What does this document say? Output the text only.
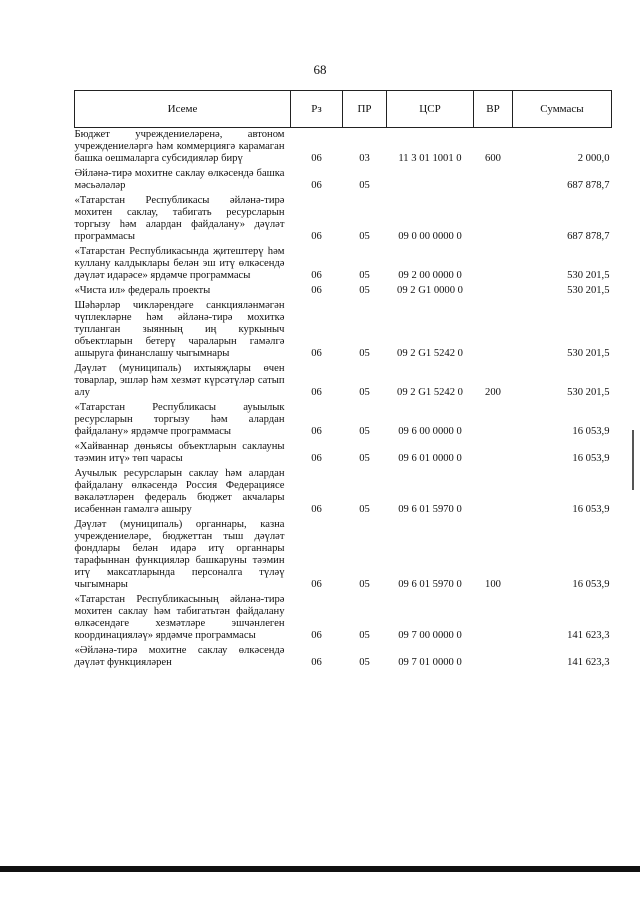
68
Исеме	Рз	ПР	ЦСР	ВР	Суммасы
Бюджет учреждениеләренә, автоном учреждениеләргә һәм коммерциягә карамаган башка оешмаларга субсидияләр бирү	06	03	11 3 01 1001 0	600	2 000,0
Әйләнә-тирә мохитне саклау өлкәсендә башка мәсьәләләр	06	05			687 878,7
«Татарстан Республикасы әйләнә-тирә мохитен саклау, табигать ресурсларын торгызу һәм алардан файдалану» дәүләт программасы	06	05	09 0 00 0000 0		687 878,7
«Татарстан Республикасында җитештерү һәм куллану калдыклары белән эш итү өлкәсендә дәүләт идарәсе» ярдәмче программасы	06	05	09 2 00 0000 0		530 201,5
«Чиста ил» федераль проекты	06	05	09 2 G1 0000 0		530 201,5
Шәһәрләр чикләрендәге санкцияләнмәгән чүплекләрне һәм әйләнә-тирә мохиткә тупланган зыянның иң куркыныч объектларын бетерү чараларын гамәлгә ашыруга финанслашу чыгымнары	06	05	09 2 G1 5242 0		530 201,5
Дәүләт (муниципаль) ихтыяҗлары өчен товарлар, эшләр һәм хезмәт күрсәтүләр сатып алу	06	05	09 2 G1 5242 0	200	530 201,5
«Татарстан Республикасы ауыылык ресурсларын торгызу һәм алардан файдалану» ярдәмче программасы	06	05	09 6 00 0000 0		16 053,9
«Хайваннар дөньясы объектларын саклауны тәэмин итү» төп чарасы	06	05	09 6 01 0000 0		16 053,9
Аучылык ресурсларын саклау һәм алардан файдалану өлкәсендә Россия Федерациясе вәкаләтләрен федераль бюджет акчалары исәбеннән гамәлгә ашыру	06	05	09 6 01 5970 0		16 053,9
Дәүләт (муниципаль) органнары, казна учреждениеләре, бюджеттан тыш дәүләт фондлары белән идарә итү органнары тарафыннан функцияләр башкаруны тәэмин итү максатларында персоналга түләү чыгымнары	06	05	09 6 01 5970 0	100	16 053,9
«Татарстан Республикасының әйләнә-тирә мохитен саклау һәм табигатьтән файдалану өлкәсендәге хезмәтләре эшчәнлеген координацияләү» ярдәмче программасы	06	05	09 7 00 0000 0		141 623,3
«Әйләнә-тирә мохитне саклау өлкәсендә дәүләт функцияләрен	06	05	09 7 01 0000 0		141 623,3
